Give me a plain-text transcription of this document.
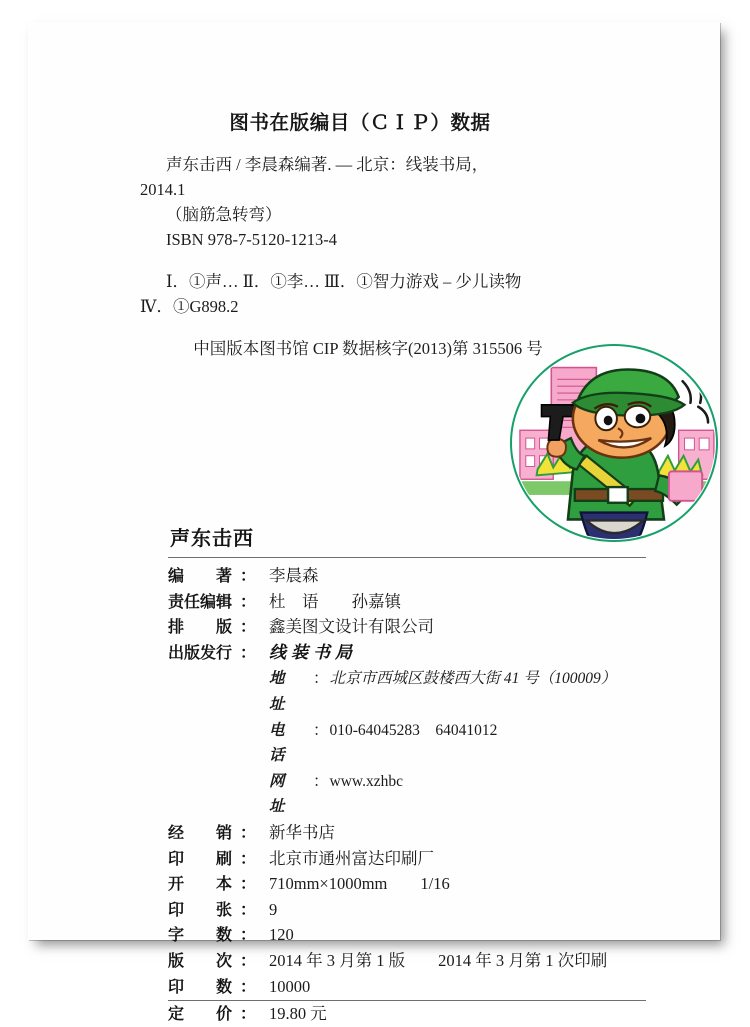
图书在版编目（ＣＩＰ）数据
声东击西 / 李晨森编著. — 北京：线装书局，
2014.1
（脑筋急转弯）
ISBN 978-7-5120-1213-4
Ⅰ．①声… Ⅱ．①李… Ⅲ．①智力游戏 – 少儿读物
Ⅳ．①G898.2
中国版本图书馆 CIP 数据核字(2013)第 315506 号
声东击西
编　　著 ： 李晨森
责任编辑 ： 杜　语　　孙嘉镇
排　　版 ： 鑫美图文设计有限公司
出版发行 ： 线装书局
地　址
： 北京市西城区鼓楼西大街 41 号（100009）
电　话
： 010-64045283　64041012
网　址
： www.xzhbc
经　　销 ： 新华书店
印　　刷 ： 北京市通州富达印刷厂
开　　本 ： 710mm×1000mm　　1/16
印　　张 ： 9
字　　数 ： 120
版　　次 ： 2014 年 3 月第 1 版　　2014 年 3 月第 1 次印刷
印　　数 ： 10000
定　　价 ： 19.80 元
